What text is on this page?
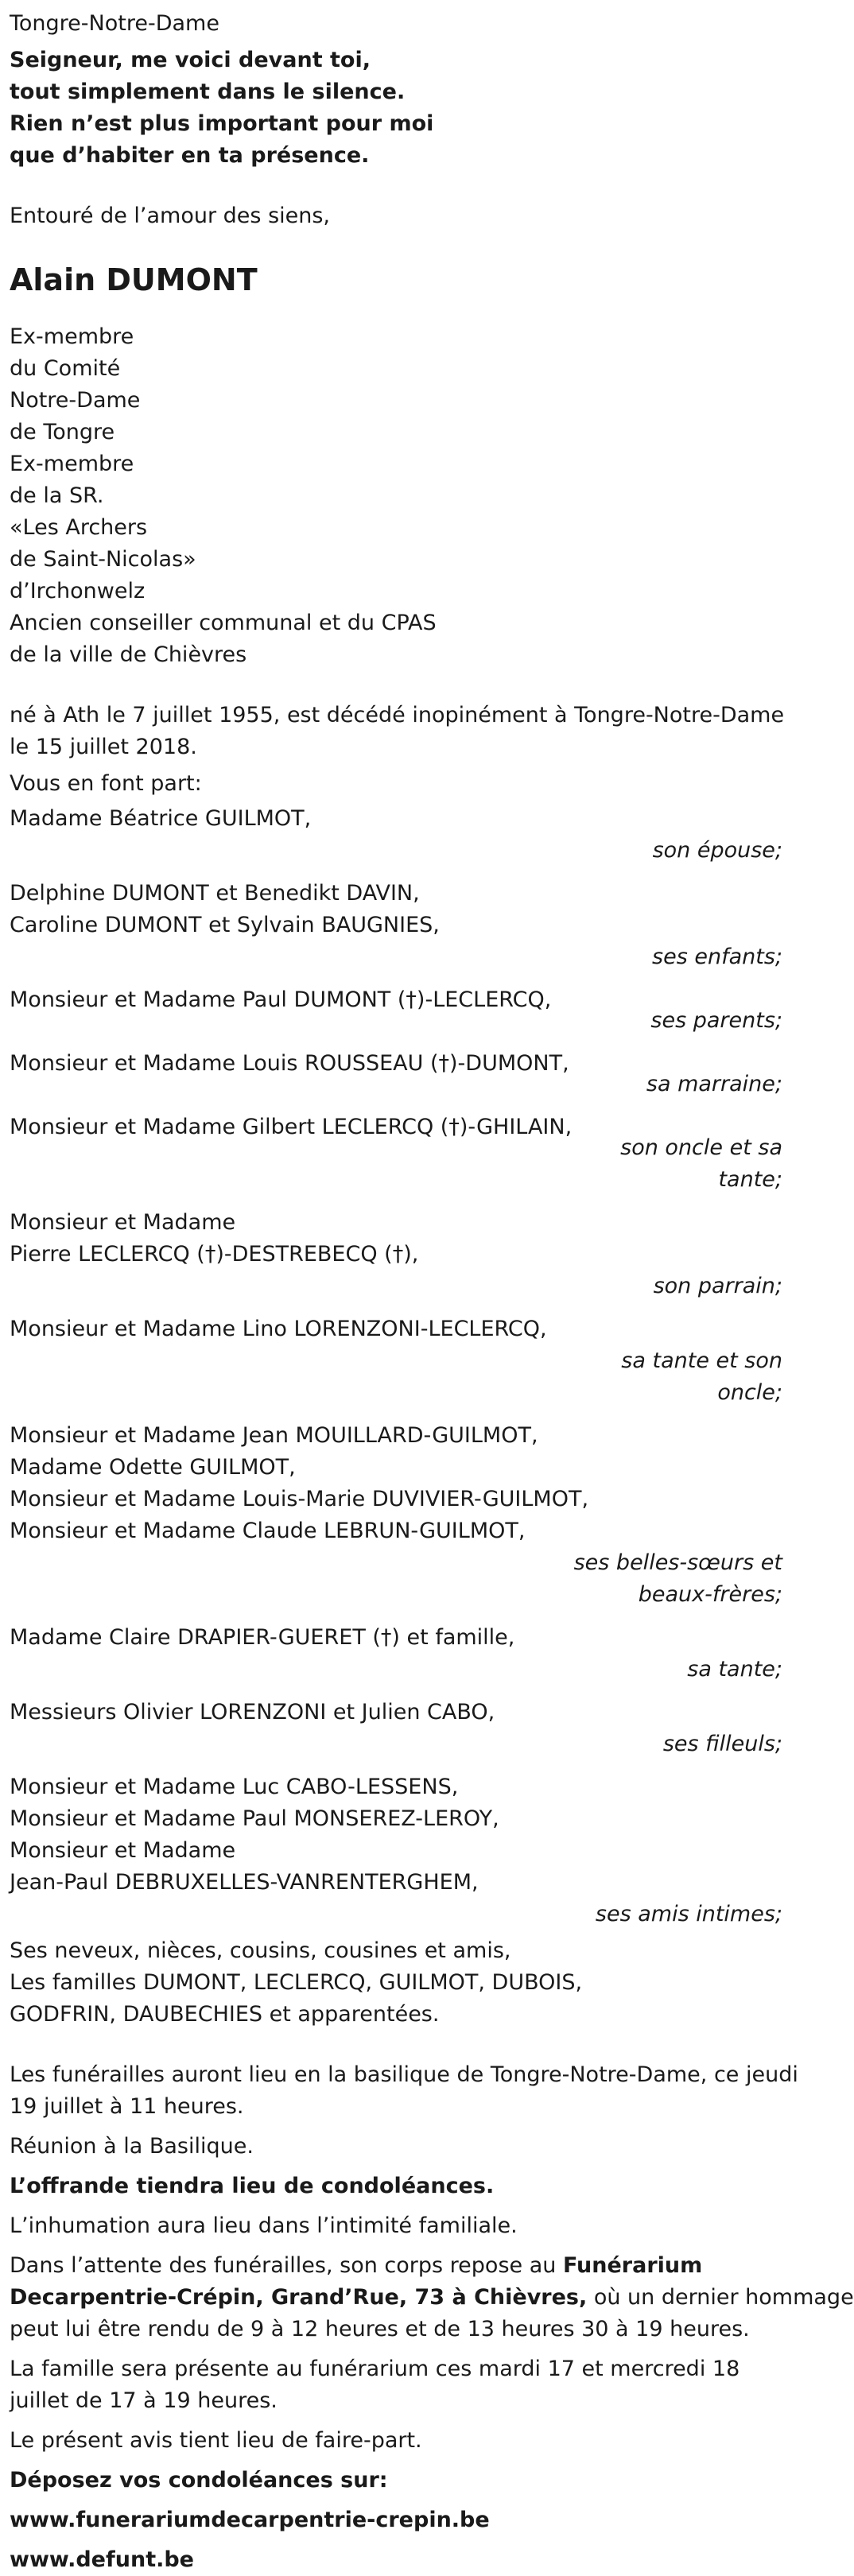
Tongre-Notre-Dame
Seigneur, me voici devant toi,
tout simplement dans le silence.
Rien n’est plus important pour moi
que d’habiter en ta présence.
Entouré de l’amour des siens,
Alain DUMONT
Ex-membre
du Comité
Notre-Dame
de Tongre
Ex-membre
de la SR.
«Les Archers
de Saint-Nicolas»
d’Irchonwelz
Ancien conseiller communal et du CPAS
de la ville de Chièvres
né à Ath le 7 juillet 1955, est décédé inopinément à Tongre-Notre-Dame
le 15 juillet 2018.
Vous en font part:
Madame Béatrice GUILMOT,
son épouse;
Delphine DUMONT et Benedikt DAVIN,
Caroline DUMONT et Sylvain BAUGNIES,
ses enfants;
Monsieur et Madame Paul DUMONT (†)-LECLERCQ,
ses parents;
Monsieur et Madame Louis ROUSSEAU (†)-DUMONT,
sa marraine;
Monsieur et Madame Gilbert LECLERCQ (†)-GHILAIN,
son oncle et sa tante;
Monsieur et Madame
Pierre LECLERCQ (†)-DESTREBECQ (†),
son parrain;
Monsieur et Madame Lino LORENZONI-LECLERCQ,
sa tante et son oncle;
Monsieur et Madame Jean MOUILLARD-GUILMOT,
Madame Odette GUILMOT,
Monsieur et Madame Louis-Marie DUVIVIER-GUILMOT,
Monsieur et Madame Claude LEBRUN-GUILMOT,
ses belles-sœurs et beaux-frères;
Madame Claire DRAPIER-GUERET (†) et famille,
sa tante;
Messieurs Olivier LORENZONI et Julien CABO,
ses filleuls;
Monsieur et Madame Luc CABO-LESSENS,
Monsieur et Madame Paul MONSEREZ-LEROY,
Monsieur et Madame
Jean-Paul DEBRUXELLES-VANRENTERGHEM,
ses amis intimes;
Ses neveux, nièces, cousins, cousines et amis,
Les familles DUMONT, LECLERCQ, GUILMOT, DUBOIS,
GODFRIN, DAUBECHIES et apparentées.
Les funérailles auront lieu en la basilique de Tongre-Notre-Dame, ce jeudi
19 juillet à 11 heures.
Réunion à la Basilique.
L’offrande tiendra lieu de condoléances.
L’inhumation aura lieu dans l’intimité familiale.
Dans l’attente des funérailles, son corps repose au Funérarium
Decarpentrie-Crépin, Grand’Rue, 73 à Chièvres, où un dernier hommage
peut lui être rendu de 9 à 12 heures et de 13 heures 30 à 19 heures.
La famille sera présente au funérarium ces mardi 17 et mercredi 18
juillet de 17 à 19 heures.
Le présent avis tient lieu de faire-part.
Déposez vos condoléances sur:
www.funerariumdecarpentrie-crepin.be
www.defunt.be
